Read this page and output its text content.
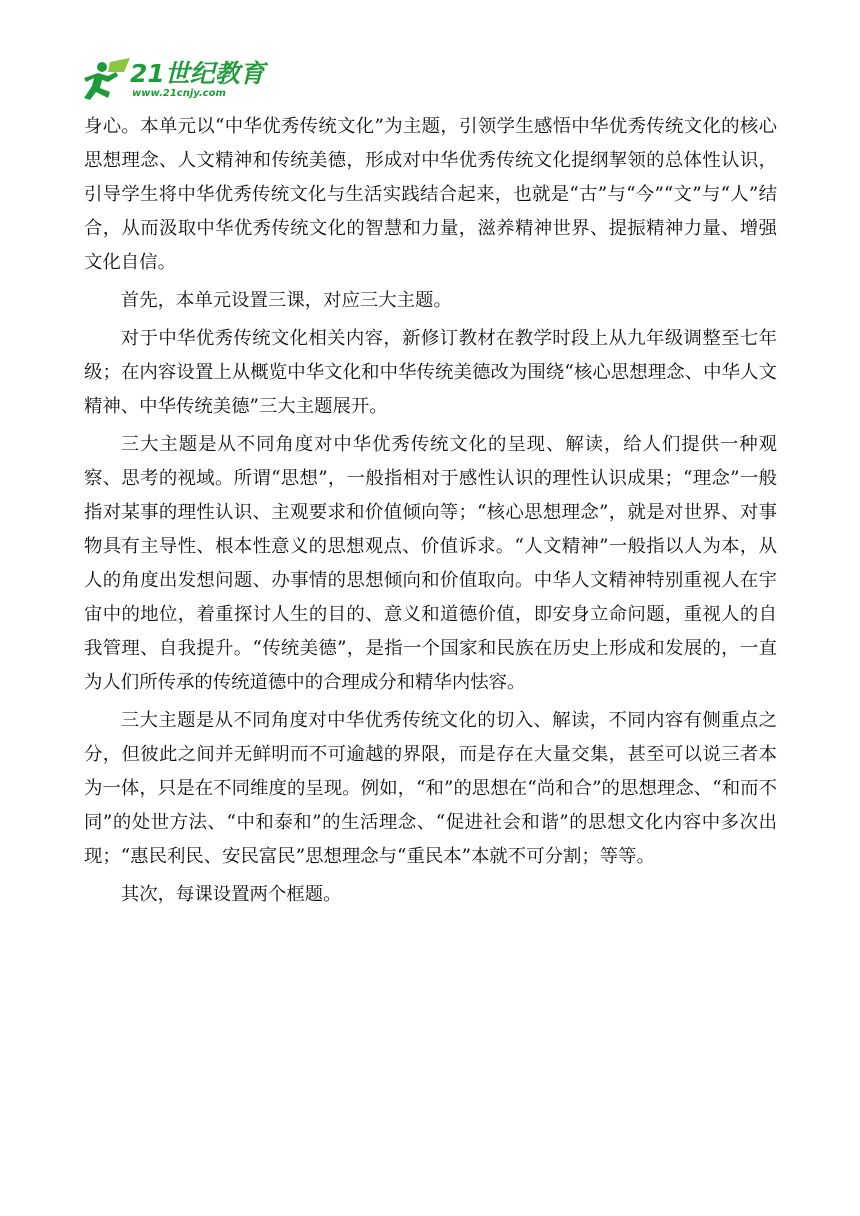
21世纪教育
www.21cnjy.com

身心。本单元以“中华优秀传统文化”为主题，引领学生感悟中华优秀传统文化的核心思想理念、人文精神和传统美德，形成对中华优秀传统文化提纲挈领的总体性认识，引导学生将中华优秀传统文化与生活实践结合起来，也就是“古”与“今”“文”与“人”结合，从而汲取中华优秀传统文化的智慧和力量，滋养精神世界、提振精神力量、增强文化自信。

首先，本单元设置三课，对应三大主题。

对于中华优秀传统文化相关内容，新修订教材在教学时段上从九年级调整至七年级；在内容设置上从概览中华文化和中华传统美德改为围绕“核心思想理念、中华人文精神、中华传统美德”三大主题展开。

三大主题是从不同角度对中华优秀传统文化的呈现、解读，给人们提供一种观察、思考的视域。所谓“思想”，一般指相对于感性认识的理性认识成果；“理念”一般指对某事的理性认识、主观要求和价值倾向等；“核心思想理念”，就是对世界、对事物具有主导性、根本性意义的思想观点、价值诉求。“人文精神”一般指以人为本，从人的角度出发想问题、办事情的思想倾向和价值取向。中华人文精神特别重视人在宇宙中的地位，着重探讨人生的目的、意义和道德价值，即安身立命问题，重视人的自我管理、自我提升。“传统美德”，是指一个国家和民族在历史上形成和发展的，一直为人们所传承的传统道德中的合理成分和精华内怯容。

三大主题是从不同角度对中华优秀传统文化的切入、解读，不同内容有侧重点之分，但彼此之间并无鲜明而不可逾越的界限，而是存在大量交集，甚至可以说三者本为一体，只是在不同维度的呈现。例如，“和”的思想在“尚和合”的思想理念、“和而不同”的处世方法、“中和泰和”的生活理念、“促进社会和谐”的思想文化内容中多次出现；“惠民利民、安民富民”思想理念与“重民本”本就不可分割；等等。

其次，每课设置两个框题。
